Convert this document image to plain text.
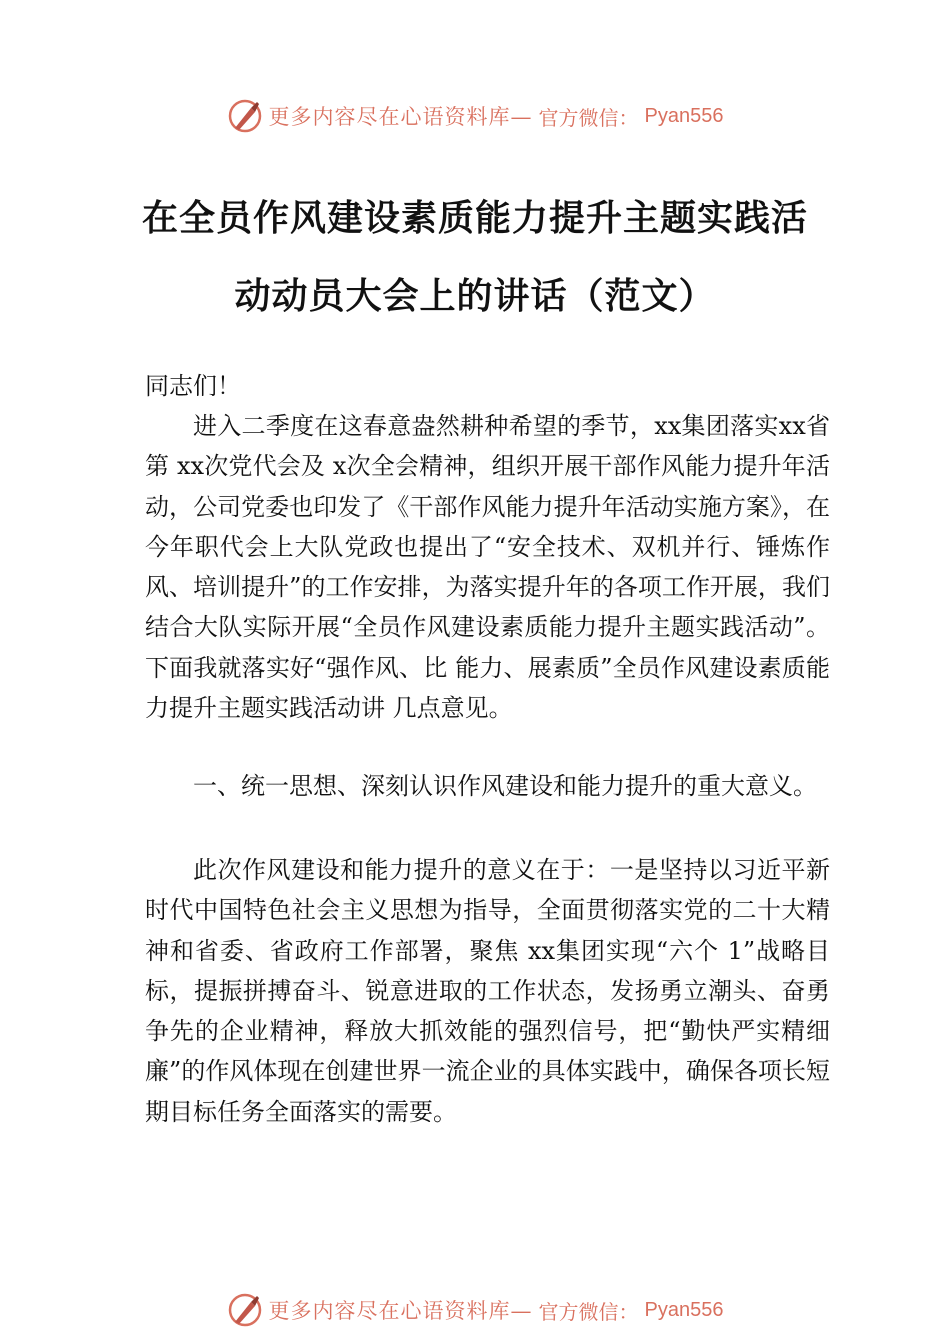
更多内容尽在心语资料库— 官方微信： Pyan556
在全员作风建设素质能力提升主题实践活
动动员大会上的讲话（范文）
同志们！

进入二季度在这春意盎然耕种希望的季节，xx集团落实xx省第 xx次党代会及 x次全会精神，组织开展干部作风能力提升年活动，公司党委也印发了《干部作风能力提升年活动实施方案》，在今年职代会上大队党政也提出了“安全技术、双机并行、锤炼作风、培训提升”的工作安排，为落实提升年的各项工作开展，我们结合大队实际开展“全员作风建设素质能力提升主题实践活动”。下面我就落实好“强作风、比 能力、展素质”全员作风建设素质能力提升主题实践活动讲 几点意见。

一、统一思想、深刻认识作风建设和能力提升的重大意义。

此次作风建设和能力提升的意义在于：一是坚持以习近平新时代中国特色社会主义思想为指导，全面贯彻落实党的二十大精神和省委、省政府工作部署，聚焦 xx集团实现“六个 1”战略目标，提振拼搏奋斗、锐意进取的工作状态，发扬勇立潮头、奋勇争先的企业精神，释放大抓效能的强烈信号，把“勤快严实精细廉”的作风体现在创建世界一流企业的具体实践中，确保各项长短期目标任务全面落实的需要。

更多内容尽在心语资料库— 官方微信： Pyan556
